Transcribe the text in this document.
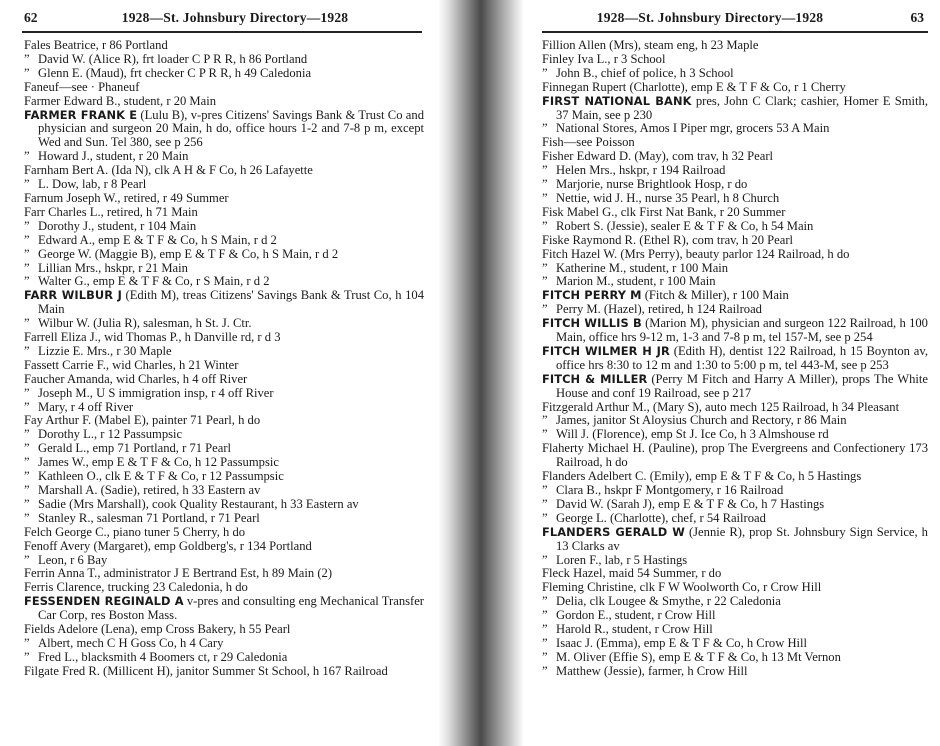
62	1928—St. Johnsbury Directory—1928
Fales Beatrice, r 86 Portland
” David W. (Alice R), frt loader C P R R, h 86 Portland
” Glenn E. (Maud), frt checker C P R R, h 49 Caledonia
Faneuf—see · Phaneuf
Farmer Edward B., student, r 20 Main
FARMER FRANK E (Lulu B), v-pres Citizens' Savings Bank & Trust Co and physician and surgeon 20 Main, h do, office hours 1-2 and 7-8 p m, except Wed and Sun. Tel 380, see p 256
” Howard J., student, r 20 Main
Farnham Bert A. (Ida N), clk A H & F Co, h 26 Lafayette
” L. Dow, lab, r 8 Pearl
Farnum Joseph W., retired, r 49 Summer
Farr Charles L., retired, h 71 Main
” Dorothy J., student, r 104 Main
” Edward A., emp E & T F & Co, h S Main, r d 2
” George W. (Maggie B), emp E & T F & Co, h S Main, r d 2
” Lillian Mrs., hskpr, r 21 Main
” Walter G., emp E & T F & Co, r S Main, r d 2
FARR WILBUR J (Edith M), treas Citizens' Savings Bank & Trust Co, h 104 Main
” Wilbur W. (Julia R), salesman, h St. J. Ctr.
Farrell Eliza J., wid Thomas P., h Danville rd, r d 3
” Lizzie E. Mrs., r 30 Maple
Fassett Carrie F., wid Charles, h 21 Winter
Faucher Amanda, wid Charles, h 4 off River
” Joseph M., U S immigration insp, r 4 off River
” Mary, r 4 off River
Fay Arthur F. (Mabel E), painter 71 Pearl, h do
” Dorothy L., r 12 Passumpsic
” Gerald L., emp 71 Portland, r 71 Pearl
” James W., emp E & T F & Co, h 12 Passumpsic
” Kathleen O., clk E & T F & Co, r 12 Passumpsic
” Marshall A. (Sadie), retired, h 33 Eastern av
” Sadie (Mrs Marshall), cook Quality Restaurant, h 33 Eastern av
” Stanley R., salesman 71 Portland, r 71 Pearl
Felch George C., piano tuner 5 Cherry, h do
Fenoff Avery (Margaret), emp Goldberg's, r 134 Portland
” Leon, r 6 Bay
Ferrin Anna T., administrator J E Bertrand Est, h 89 Main (2)
Ferris Clarence, trucking 23 Caledonia, h do
FESSENDEN REGINALD A v-pres and consulting eng Mechanical Transfer Car Corp, res Boston Mass.
Fields Adelore (Lena), emp Cross Bakery, h 55 Pearl
” Albert, mech C H Goss Co, h 4 Cary
” Fred L., blacksmith 4 Boomers ct, r 29 Caledonia
Filgate Fred R. (Millicent H), janitor Summer St School, h 167 Railroad
1928—St. Johnsbury Directory—1928	63
Fillion Allen (Mrs), steam eng, h 23 Maple
Finley Iva L., r 3 School
” John B., chief of police, h 3 School
Finnegan Rupert (Charlotte), emp E & T F & Co, r 1 Cherry
FIRST NATIONAL BANK pres, John C Clark; cashier, Homer E Smith, 37 Main, see p 230
” National Stores, Amos I Piper mgr, grocers 53 A Main
Fish—see Poisson
Fisher Edward D. (May), com trav, h 32 Pearl
” Helen Mrs., hskpr, r 194 Railroad
” Marjorie, nurse Brightlook Hosp, r do
” Nettie, wid J. H., nurse 35 Pearl, h 8 Church
Fisk Mabel G., clk First Nat Bank, r 20 Summer
” Robert S. (Jessie), sealer E & T F & Co, h 54 Main
Fiske Raymond R. (Ethel R), com trav, h 20 Pearl
Fitch Hazel W. (Mrs Perry), beauty parlor 124 Railroad, h do
” Katherine M., student, r 100 Main
” Marion M., student, r 100 Main
FITCH PERRY M (Fitch & Miller), r 100 Main
” Perry M. (Hazel), retired, h 124 Railroad
FITCH WILLIS B (Marion M), physician and surgeon 122 Railroad, h 100 Main, office hrs 9-12 m, 1-3 and 7-8 p m, tel 157-M, see p 254
FITCH WILMER H JR (Edith H), dentist 122 Railroad, h 15 Boynton av, office hrs 8:30 to 12 m and 1:30 to 5:00 p m, tel 443-M, see p 253
FITCH & MILLER (Perry M Fitch and Harry A Miller), props The White House and conf 19 Railroad, see p 217
Fitzgerald Arthur M., (Mary S), auto mech 125 Railroad, h 34 Pleasant
” James, janitor St Aloysius Church and Rectory, r 86 Main
” Will J. (Florence), emp St J. Ice Co, h 3 Almshouse rd
Flaherty Michael H. (Pauline), prop The Evergreens and Confectionery 173 Railroad, h do
Flanders Adelbert C. (Emily), emp E & T F & Co, h 5 Hastings
” Clara B., hskpr F Montgomery, r 16 Railroad
” David W. (Sarah J), emp E & T F & Co, h 7 Hastings
” George L. (Charlotte), chef, r 54 Railroad
FLANDERS GERALD W (Jennie R), prop St. Johnsbury Sign Service, h 13 Clarks av
” Loren F., lab, r 5 Hastings
Fleck Hazel, maid 54 Summer, r do
Fleming Christine, clk F W Woolworth Co, r Crow Hill
” Delia, clk Lougee & Smythe, r 22 Caledonia
” Gordon E., student, r Crow Hill
” Harold R., student, r Crow Hill
” Isaac J. (Emma), emp E & T F & Co, h Crow Hill
” M. Oliver (Effie S), emp E & T F & Co, h 13 Mt Vernon
” Matthew (Jessie), farmer, h Crow Hill
